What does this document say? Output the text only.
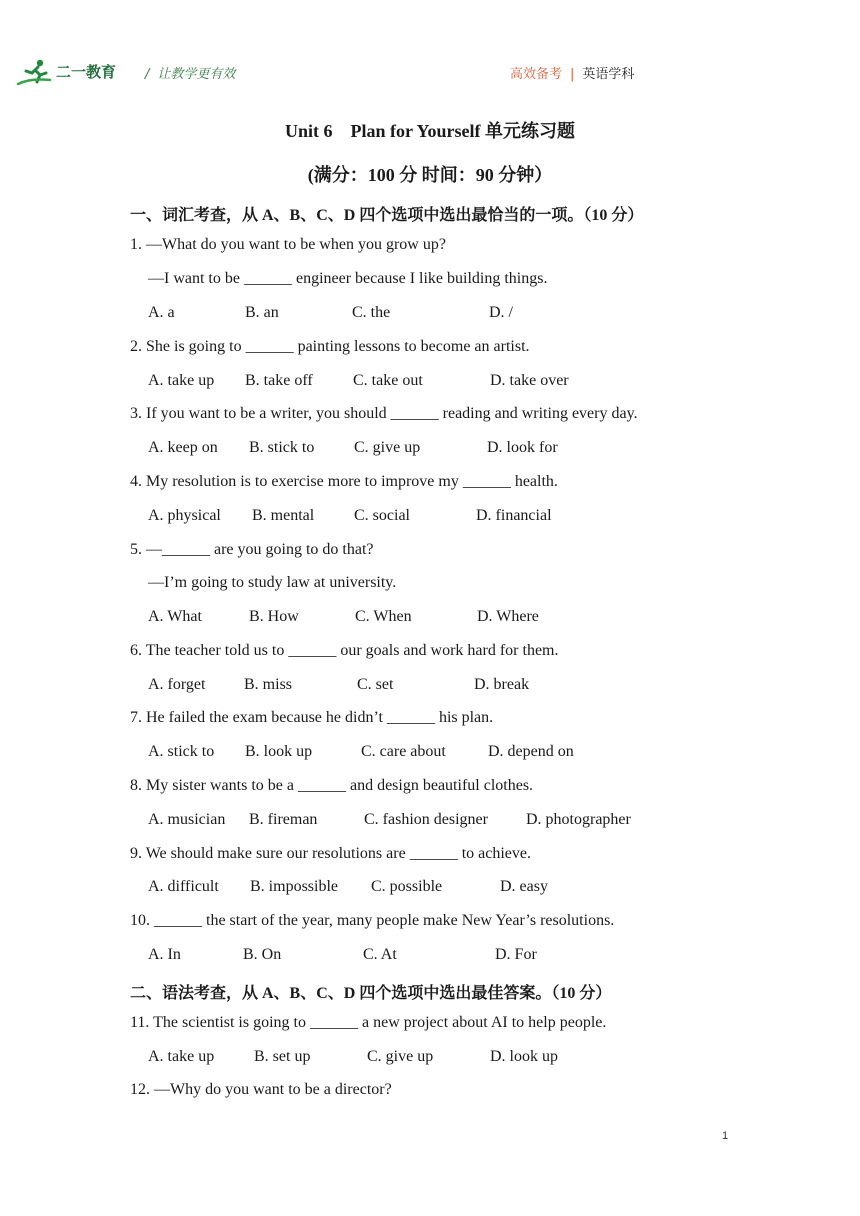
二一教育 / 让教学更有效	高效备考 | 英语学科
Unit 6　Plan for Yourself 单元练习题
(满分：100 分 时间：90 分钟）
一、词汇考查，从 A、B、C、D 四个选项中选出最恰当的一项。（10 分）
1. —What do you want to be when you grow up?
—I want to be ______ engineer because I like building things.
A. a	B. an	C. the	D. /
2. She is going to ______ painting lessons to become an artist.
A. take up B. take off	C. take out	D. take over
3. If you want to be a writer, you should ______ reading and writing every day.
A. keep on B. stick to C. give up	D. look for
4. My resolution is to exercise more to improve my ______ health.
A. physical B. mental C. social	D. financial
5. —______ are you going to do that?
—I’m going to study law at university.
A. What	B. How	C. When	D. Where
6. The teacher told us to ______ our goals and work hard for them.
A. forget B. miss	C. set	D. break
7. He failed the exam because he didn’t ______ his plan.
A. stick to B. look up	C. care about	D. depend on
8. My sister wants to be a ______ and design beautiful clothes.
A. musician B. fireman	C. fashion designer D. photographer
9. We should make sure our resolutions are ______ to achieve.
A. difficult B. impossible C. possible	D. easy
10. ______ the start of the year, many people make New Year’s resolutions.
A. In	B. On	C. At	D. For
二、语法考查，从 A、B、C、D 四个选项中选出最佳答案。（10 分）
11. The scientist is going to ______ a new project about AI to help people.
A. take up B. set up	C. give up	D. look up
12. —Why do you want to be a director?
1
